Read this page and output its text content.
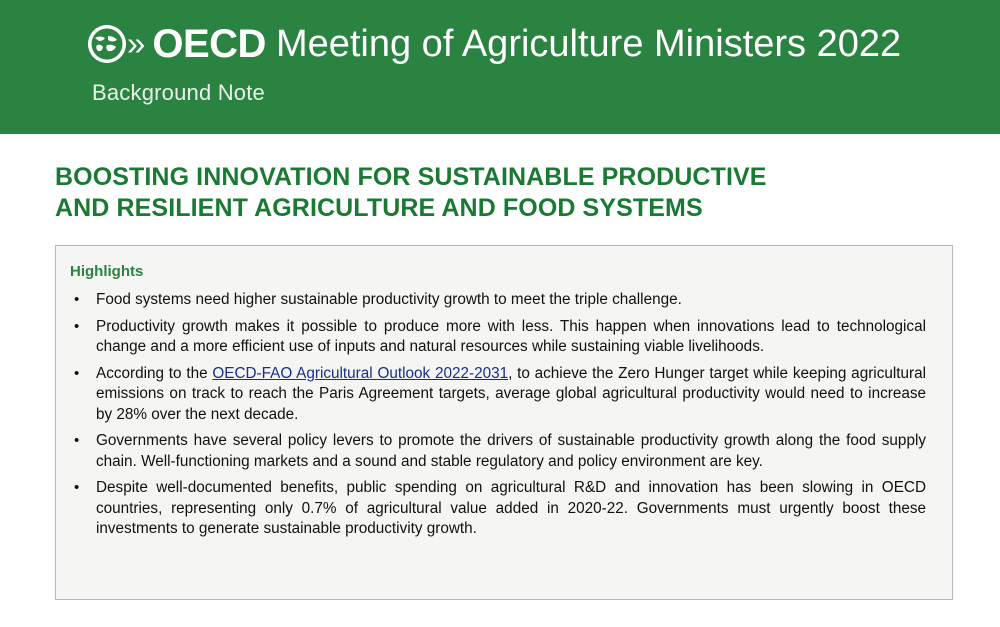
» OECD Meeting of Agriculture Ministers 2022
Background Note
BOOSTING INNOVATION FOR SUSTAINABLE PRODUCTIVE
AND RESILIENT AGRICULTURE AND FOOD SYSTEMS
Highlights
• Food systems need higher sustainable productivity growth to meet the triple challenge.
• Productivity growth makes it possible to produce more with less. This happen when innovations lead to technological change and a more efficient use of inputs and natural resources while sustaining viable livelihoods.
• According to the OECD-FAO Agricultural Outlook 2022-2031, to achieve the Zero Hunger target while keeping agricultural emissions on track to reach the Paris Agreement targets, average global agricultural productivity would need to increase by 28% over the next decade.
• Governments have several policy levers to promote the drivers of sustainable productivity growth along the food supply chain. Well-functioning markets and a sound and stable regulatory and policy environment are key.
• Despite well-documented benefits, public spending on agricultural R&D and innovation has been slowing in OECD countries, representing only 0.7% of agricultural value added in 2020-22. Governments must urgently boost these investments to generate sustainable productivity growth.
